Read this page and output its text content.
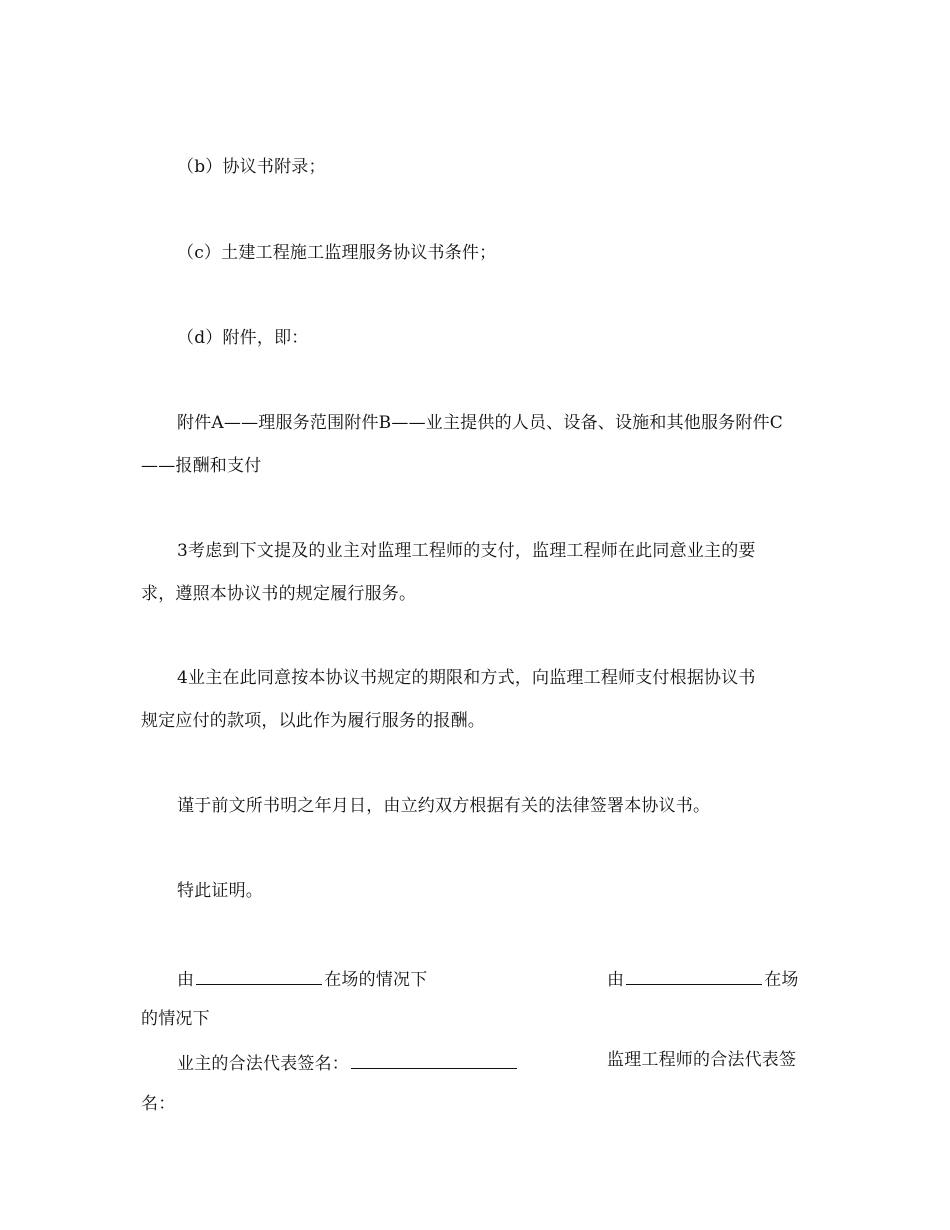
（b）协议书附录；
（c）土建工程施工监理服务协议书条件；
（d）附件，即：
附件A——理服务范围附件B——业主提供的人员、设备、设施和其他服务附件C
——报酬和支付
3考虑到下文提及的业主对监理工程师的支付，监理工程师在此同意业主的要
求，遵照本协议书的规定履行服务。
4业主在此同意按本协议书规定的期限和方式，向监理工程师支付根据协议书
规定应付的款项，以此作为履行服务的报酬。
谨于前文所书明之年月日，由立约双方根据有关的法律签署本协议书。
特此证明。
由	在场的情况下	由	在场
的情况下
业主的合法代表签名：	监理工程师的合法代表签
名：
